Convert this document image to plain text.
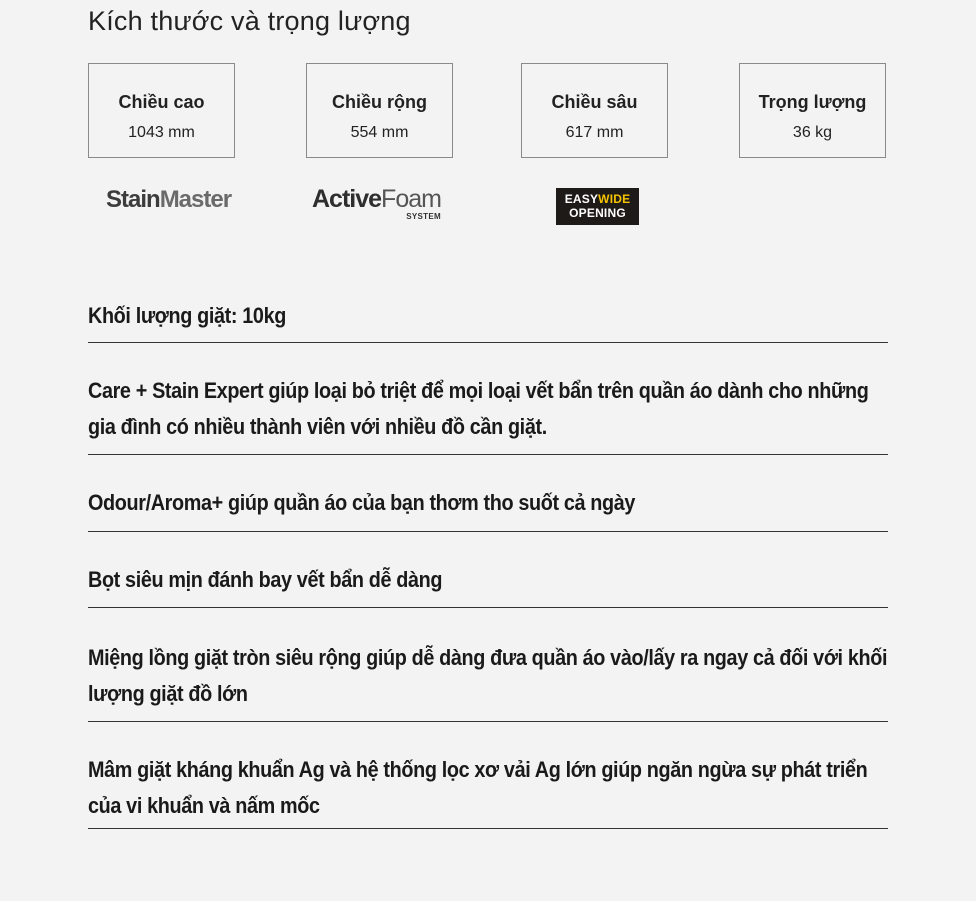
Kích thước và trọng lượng
Chiều cao
1043 mm
Chiều rộng
554 mm
Chiều sâu
617 mm
Trọng lượng
36 kg
StainMaster	ActiveFoam
SYSTEM
EASYWIDE
OPENING

Khối lượng giặt: 10kg

Care + Stain Expert giúp loại bỏ triệt để mọi loại vết bẩn trên quần áo dành cho những gia đình có nhiều thành viên với nhiều đồ cần giặt.

Odour/Aroma+ giúp quần áo của bạn thơm tho suốt cả ngày

Bọt siêu mịn đánh bay vết bẩn dễ dàng

Miệng lồng giặt tròn siêu rộng giúp dễ dàng đưa quần áo vào/lấy ra ngay cả đối với khối lượng giặt đồ lớn

Mâm giặt kháng khuẩn Ag và hệ thống lọc xơ vải Ag lớn giúp ngăn ngừa sự phát triển của vi khuẩn và nấm mốc
